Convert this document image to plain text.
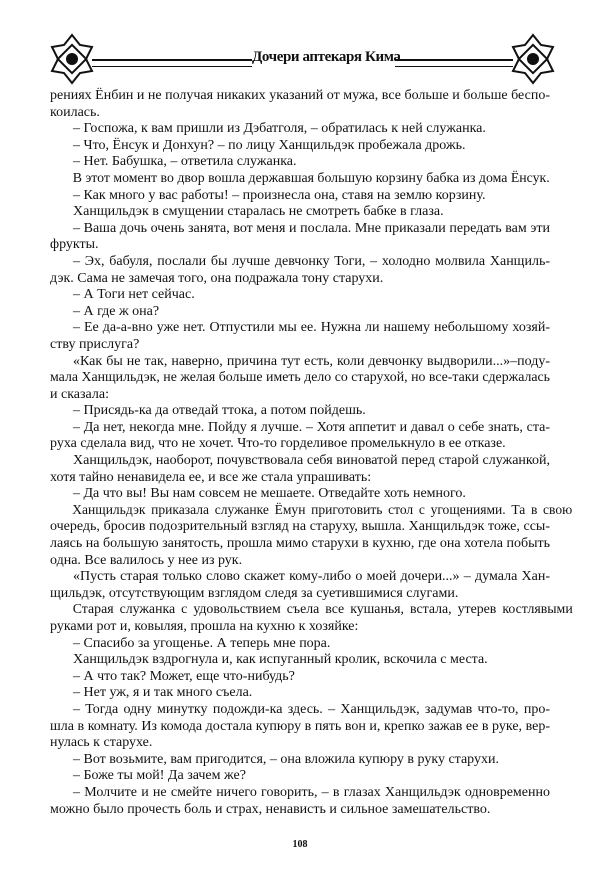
Дочери аптекаря Кима
рениях Ёнбин и не получая никаких указаний от мужа, все больше и больше беспо-
коилась.
– Госпожа, к вам пришли из Дэбатголя, – обратилась к ней служанка.
– Что, Ёнсук и Донхун? – по лицу Ханщильдэк пробежала дрожь.
– Нет. Бабушка, – ответила служанка.
В этот момент во двор вошла державшая большую корзину бабка из дома Ёнсук.
– Как много у вас работы! – произнесла она, ставя на землю корзину.
Ханщильдэк в смущении старалась не смотреть бабке в глаза.
– Ваша дочь очень занята, вот меня и послала. Мне приказали передать вам эти
фрукты.
– Эх, бабуля, послали бы лучше девчонку Тоги, – холодно молвила Ханщиль-
дэк. Сама не замечая того, она подражала тону старухи.
– А Тоги нет сейчас.
– А где ж она?
– Ее да-а-вно уже нет. Отпустили мы ее. Нужна ли нашему небольшому хозяй-
ству прислуга?
«Как бы не так, наверно, причина тут есть, коли девчонку выдворили...»–поду-
мала Ханщильдэк, не желая больше иметь дело со старухой, но все-таки сдержалась
и сказала:
– Присядь-ка да отведай ттока, а потом пойдешь.
– Да нет, некогда мне. Пойду я лучше. – Хотя аппетит и давал о себе знать, ста-
руха сделала вид, что не хочет. Что-то горделивое промелькнуло в ее отказе.
Ханщильдэк, наоборот, почувствовала себя виноватой перед старой служанкой,
хотя тайно ненавидела ее, и все же стала упрашивать:
– Да что вы! Вы нам совсем не мешаете. Отведайте хоть немного.
Ханщильдэк приказала служанке Ёмун приготовить стол с угощениями. Та в свою
очередь, бросив подозрительный взгляд на старуху, вышла. Ханщильдэк тоже, ссы-
лаясь на большую занятость, прошла мимо старухи в кухню, где она хотела побыть
одна. Все валилось у нее из рук.
«Пусть старая только слово скажет кому-либо о моей дочери...» – думала Хан-
щильдэк, отсутствующим взглядом следя за суетившимися слугами.
Старая служанка с удовольствием съела все кушанья, встала, утерев костлявыми
руками рот и, ковыляя, прошла на кухню к хозяйке:
– Спасибо за угощенье. А теперь мне пора.
Ханщильдэк вздрогнула и, как испуганный кролик, вскочила с места.
– А что так? Может, еще что-нибудь?
– Нет уж, я и так много съела.
– Тогда одну минутку подожди-ка здесь. – Ханщильдэк, задумав что-то, про-
шла в комнату. Из комода достала купюру в пять вон и, крепко зажав ее в руке, вер-
нулась к старухе.
– Вот возьмите, вам пригодится, – она вложила купюру в руку старухи.
– Боже ты мой! Да зачем же?
– Молчите и не смейте ничего говорить, – в глазах Ханщильдэк одновременно
можно было прочесть боль и страх, ненависть и сильное замешательство.
108
